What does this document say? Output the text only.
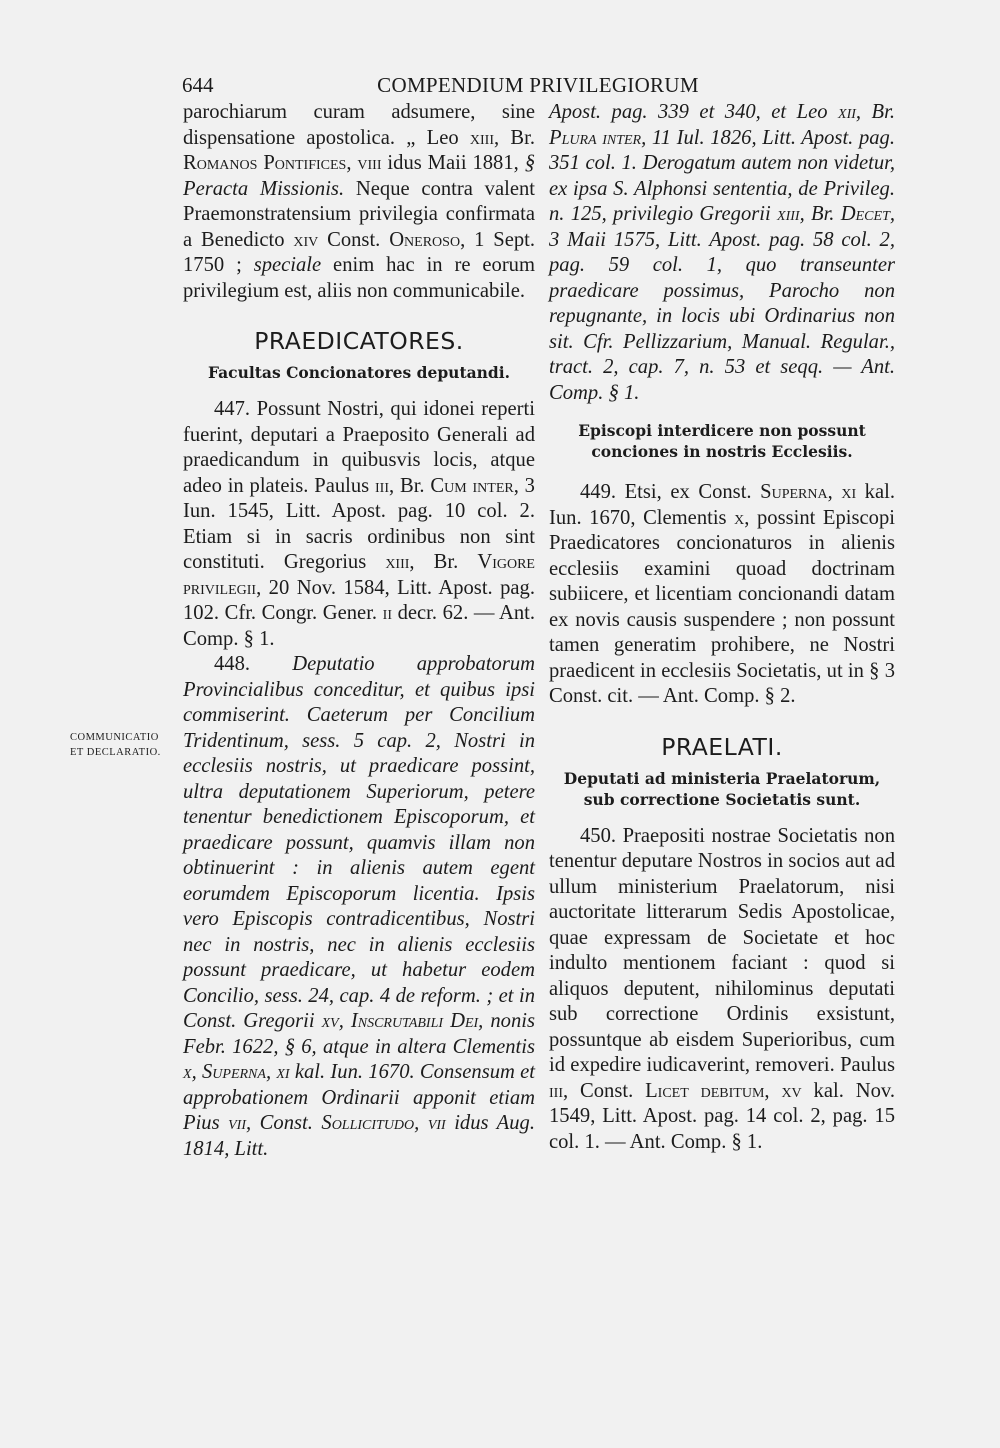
644	COMPENDIUM PRIVILEGIORUM
COMMUNICATIO
ET DECLARATIO.

parochiarum curam adsumere, sine dispensatione apostolica. „ Leo xiii, Br. Romanos Pontifices, viii idus Maii 1881, § Peracta Missionis. Neque contra valent Praemonstratensium privilegia confirmata a Benedicto xiv Const. Oneroso, 1 Sept. 1750 ; speciale enim hac in re eorum privilegium est, aliis non communicabile.

PRAEDICATORES.
Facultas Concionatores deputandi.

447. Possunt Nostri, qui idonei reperti fuerint, deputari a Praeposito Generali ad praedicandum in quibusvis locis, atque adeo in plateis. Paulus iii, Br. Cum inter, 3 Iun. 1545, Litt. Apost. pag. 10 col. 2. Etiam si in sacris ordinibus non sint constituti. Gregorius xiii, Br. Vigore privilegii, 20 Nov. 1584, Litt. Apost. pag. 102. Cfr. Congr. Gener. ii decr. 62. — Ant. Comp. § 1.

448. Deputatio approbatorum Provincialibus conceditur, et quibus ipsi commiserint. Caeterum per Concilium Tridentinum, sess. 5 cap. 2, Nostri in ecclesiis nostris, ut praedicare possint, ultra deputationem Superiorum, petere tenentur benedictionem Episcoporum, et praedicare possunt, quamvis illam non obtinuerint : in alienis autem egent eorumdem Episcoporum licentia. Ipsis vero Episcopis contradicentibus, Nostri nec in nostris, nec in alienis ecclesiis possunt praedicare, ut habetur eodem Concilio, sess. 24, cap. 4 de reform. ; et in Const. Gregorii xv, Inscrutabili Dei, nonis Febr. 1622, § 6, atque in altera Clementis x, Superna, xi kal. Iun. 1670. Consensum et approbationem Ordinarii apponit etiam Pius vii, Const. Sollicitudo, vii idus Aug. 1814, Litt.

Apost. pag. 339 et 340, et Leo xii, Br. Plura inter, 11 Iul. 1826, Litt. Apost. pag. 351 col. 1. Derogatum autem non videtur, ex ipsa S. Alphonsi sententia, de Privileg. n. 125, privilegio Gregorii xiii, Br. Decet, 3 Maii 1575, Litt. Apost. pag. 58 col. 2, pag. 59 col. 1, quo transeunter praedicare possimus, Parocho non repugnante, in locis ubi Ordinarius non sit. Cfr. Pellizzarium, Manual. Regular., tract. 2, cap. 7, n. 53 et seqq. — Ant. Comp. § 1.

Episcopi interdicere non possunt conciones in nostris Ecclesiis.

449. Etsi, ex Const. Superna, xi kal. Iun. 1670, Clementis x, possint Episcopi Praedicatores concionaturos in alienis ecclesiis examini quoad doctrinam subiicere, et licentiam concionandi datam ex novis causis suspendere ; non possunt tamen generatim prohibere, ne Nostri praedicent in ecclesiis Societatis, ut in § 3 Const. cit. — Ant. Comp. § 2.

PRAELATI.
Deputati ad ministeria Praelatorum, sub correctione Societatis sunt.

450. Praepositi nostrae Societatis non tenentur deputare Nostros in socios aut ad ullum ministerium Praelatorum, nisi auctoritate litterarum Sedis Apostolicae, quae expressam de Societate et hoc indulto mentionem faciant : quod si aliquos deputent, nihilominus deputati sub correctione Ordinis exsistunt, possuntque ab eisdem Superioribus, cum id expedire iudicaverint, removeri. Paulus iii, Const. Licet debitum, xv kal. Nov. 1549, Litt. Apost. pag. 14 col. 2, pag. 15 col. 1. — Ant. Comp. § 1.
